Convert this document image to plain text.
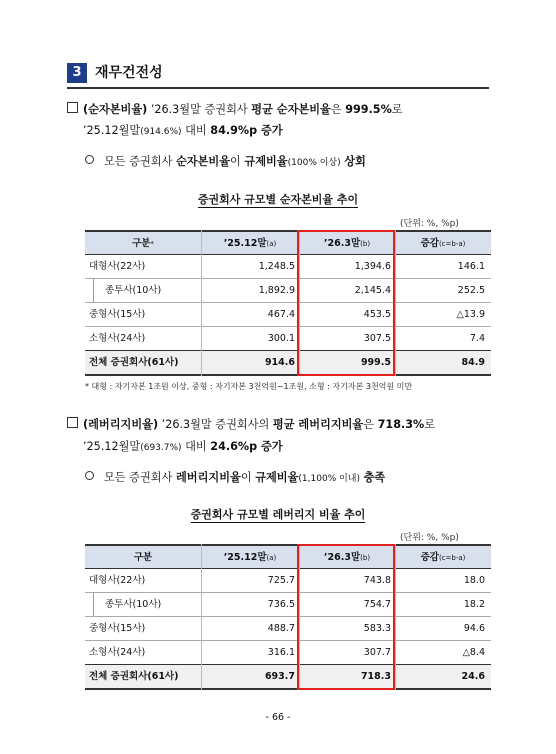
3 재무건전성
(순자본비율) ’26.3월말 증권회사 평균 순자본비율은 999.5%로
’25.12월말(914.6%) 대비 84.9%p 증가
모든 증권회사 순자본비율이 규제비율(100% 이상) 상회
증권회사 규모별 순자본비율 추이
(단위: %, %p)
구분*	’25.12말(a)	’26.3말(b)	증감(c=b-a)
대형사(22사)	1,248.5	1,394.6	146.1
종투사(10사)	1,892.9	2,145.4	252.5
중형사(15사)	467.4	453.5	△13.9
소형사(24사)	300.1	307.5	7.4
전체 증권회사(61사)	914.6	999.5	84.9
* 대형 : 자기자본 1조원 이상, 중형 : 자기자본 3천억원~1조원, 소형 : 자기자본 3천억원 미만
(레버리지비율) ’26.3월말 증권회사의 평균 레버리지비율은 718.3%로
’25.12월말(693.7%) 대비 24.6%p 증가
모든 증권회사 레버리지비율이 규제비율(1,100% 이내) 충족
증권회사 규모별 레버리지 비율 추이
(단위: %, %p)
구분	’25.12말(a)	’26.3말(b)	증감(c=b-a)
대형사(22사)	725.7	743.8	18.0
종투사(10사)	736.5	754.7	18.2
중형사(15사)	488.7	583.3	94.6
소형사(24사)	316.1	307.7	△8.4
전체 증권회사(61사)	693.7	718.3	24.6
- 66 -
